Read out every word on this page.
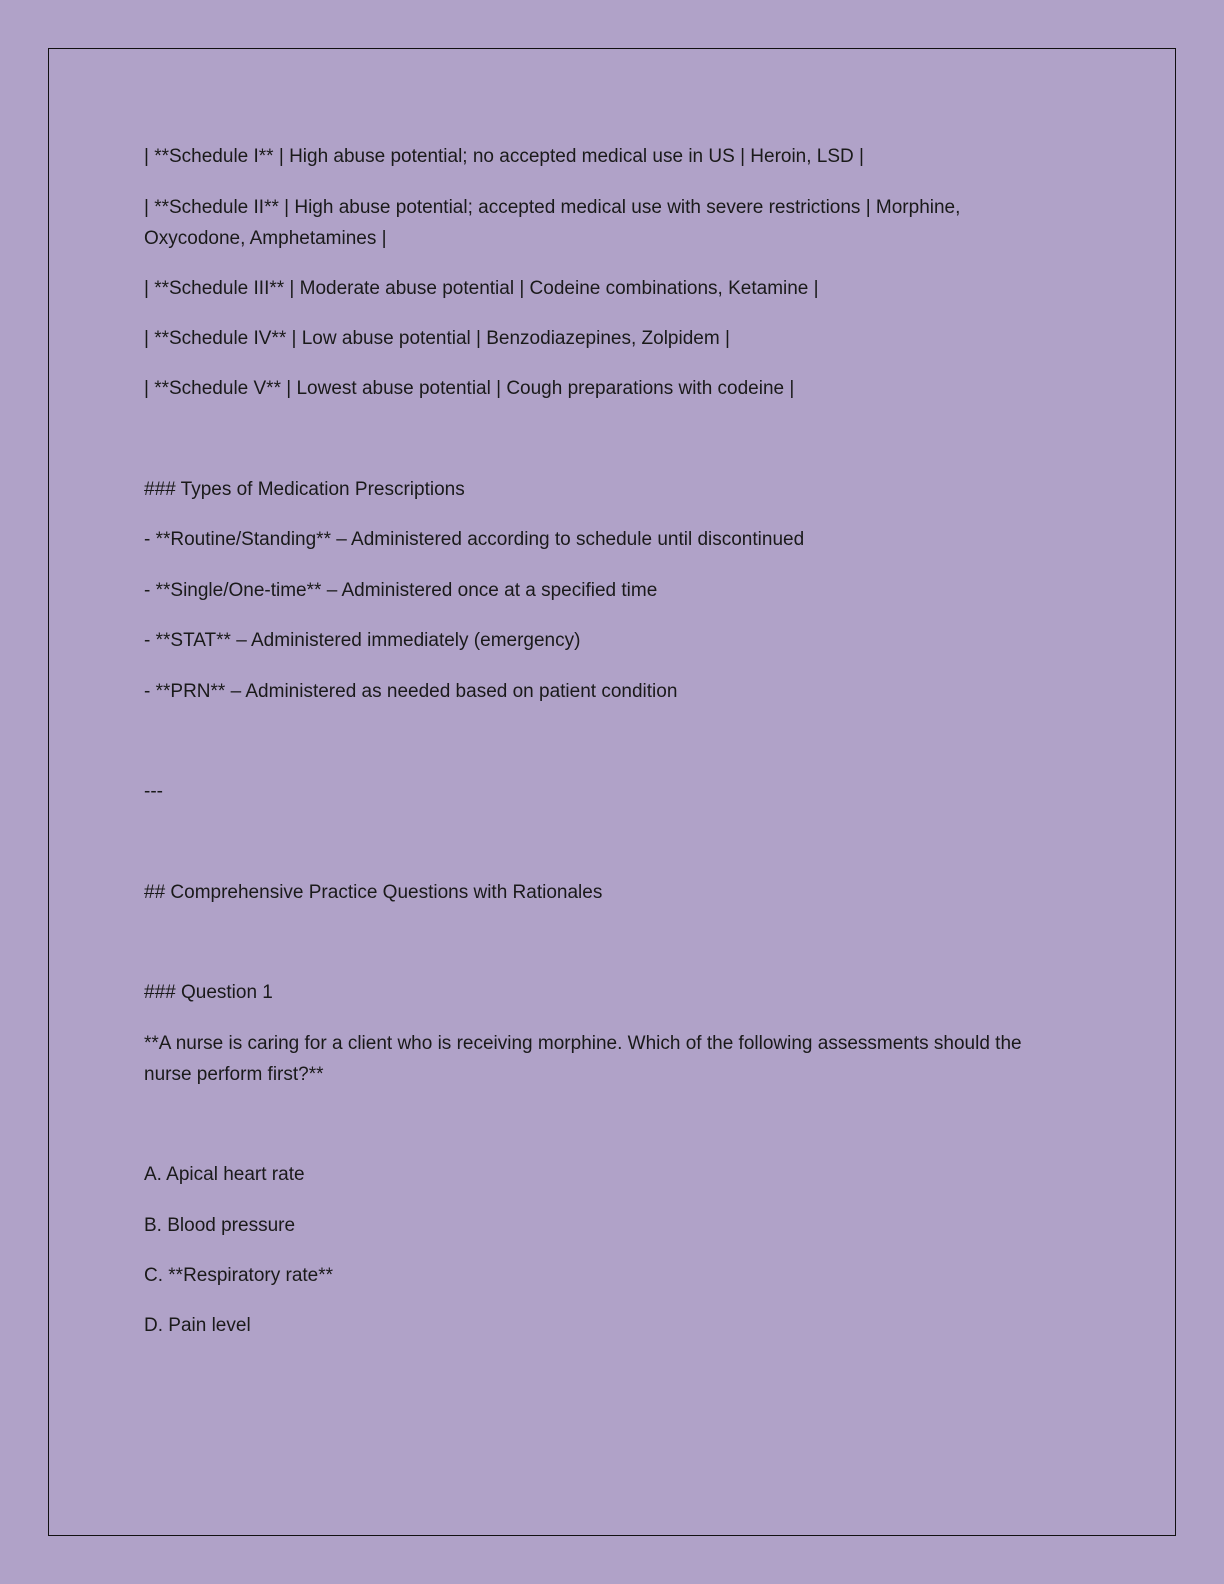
| **Schedule I** | High abuse potential; no accepted medical use in US | Heroin, LSD |

| **Schedule II** | High abuse potential; accepted medical use with severe restrictions | Morphine, Oxycodone, Amphetamines |

| **Schedule III** | Moderate abuse potential | Codeine combinations, Ketamine |

| **Schedule IV** | Low abuse potential | Benzodiazepines, Zolpidem |

| **Schedule V** | Lowest abuse potential | Cough preparations with codeine |

### Types of Medication Prescriptions

- **Routine/Standing** – Administered according to schedule until discontinued

- **Single/One-time** – Administered once at a specified time

- **STAT** – Administered immediately (emergency)

- **PRN** – Administered as needed based on patient condition

---

## Comprehensive Practice Questions with Rationales

### Question 1

**A nurse is caring for a client who is receiving morphine. Which of the following assessments should the nurse perform first?**

A. Apical heart rate

B. Blood pressure

C. **Respiratory rate**

D. Pain level
